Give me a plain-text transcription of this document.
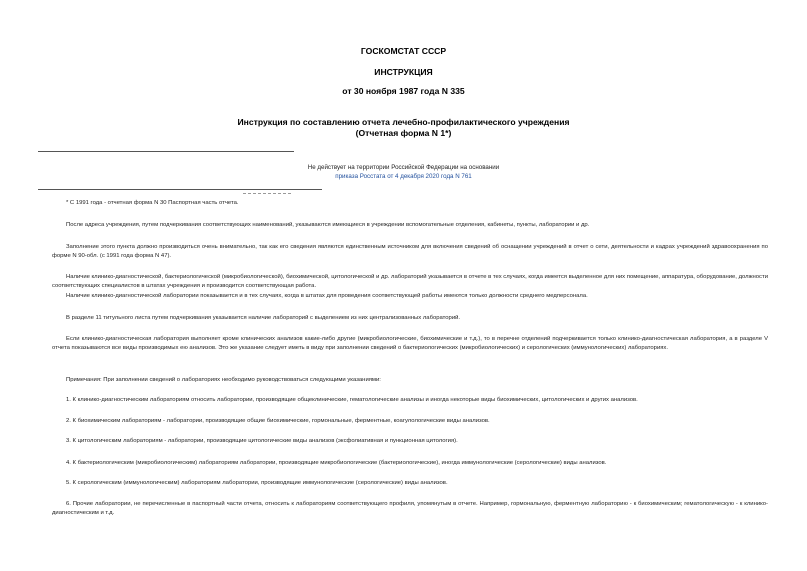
ГОСКОМСТАТ СССР
ИНСТРУКЦИЯ
от 30 ноября 1987 года N 335
Инструкция по составлению отчета лечебно-профилактического учреждения
(Отчетная форма N 1*)
Не действует на территории Российской Федерации на основании
приказа Росстата от 4 декабря 2020 года N 761
* С 1991 года - отчетная форма N 30 Паспортная часть отчета.
После адреса учреждения, путем подчеркивания соответствующих наименований, указываются имеющиеся в учреждении вспомогательные отделения, кабинеты, пункты, лаборатории и др.
Заполнение этого пункта должно производиться очень внимательно, так как его сведения являются единственным источником для включения сведений об оснащении учреждений в отчет о сети, деятельности и кадрах учреждений здравоохранения по форме N 90-обл. (с 1991 года форма N 47).
Наличие клинико-диагностической, бактериологической (микробиологической), биохимической, цитологической и др. лабораторий указывается в отчете в тех случаях, когда имеется выделенное для них помещение, аппаратура, оборудование, должности соответствующих специалистов в штатах учреждения и производится соответствующая работа.
Наличие клинико-диагностической лаборатории показывается и в тех случаях, когда в штатах для проведения соответствующей работы имеются только должности среднего медперсонала.
В разделе 11 титульного листа путем подчеркивания указывается наличие лабораторий с выделением из них централизованных лабораторий.
Если клинико-диагностическая лаборатория выполняет кроме клинических анализов какие-либо другие (микробиологические, биохимические и т.д.), то в перечне отделений подчеркивается только клинико-диагностическая лаборатория, а в разделе V отчета показываются все виды производимых ею анализов. Это же указание следует иметь в виду при заполнении сведений о бактериологических (микробиологических) и серологических (иммунологических) лабораториях.
Примечания: При заполнении сведений о лабораториях необходимо руководствоваться следующими указаниями:
1. К клинико-диагностическим лабораториям относить лаборатории, производящие общеклинические, гематологические анализы и иногда некоторые виды биохимических, цитологических и других анализов.
2. К биохимическим лабораториям - лаборатории, производящие общие биохимические, гормональные, ферментные, коагулологические виды анализов.
3. К цитологическим лабораториям - лаборатории, производящие цитологические виды анализов (эксфолиативная и пункционная цитология).
4. К бактериологическим (микробиологическим) лабораториям лаборатории, производящие микробиологические (бактериологические), иногда иммунологические (серологические) виды анализов.
5. К серологическим (иммунологическим) лабораториям лаборатории, производящие иммунологические (серологические) виды анализов.
6. Прочие лаборатории, не перечисленные в паспортный части отчета, относить к лабораториям соответствующего профиля, упомянутым в отчете. Например, гормональную, ферментную лабораторию - к биохимическим; гематологическую - к клинико-диагностическим и т.д.
